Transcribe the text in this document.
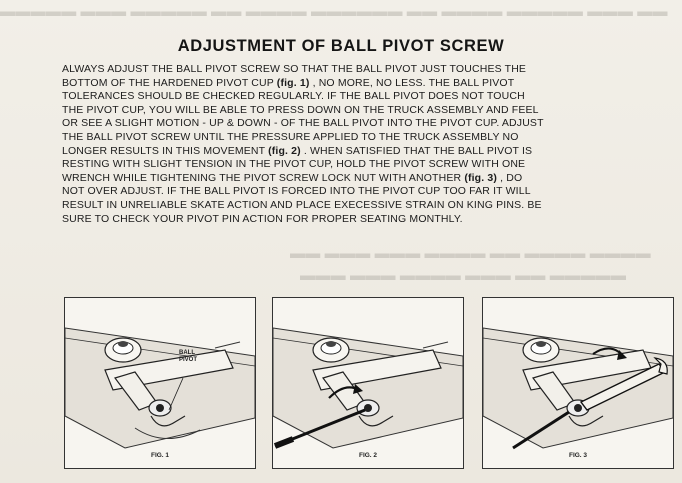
▬▬▬▬▬ ▬▬▬ ▬▬▬▬▬ ▬▬ ▬▬▬▬ ▬▬▬▬▬▬ ▬▬ ▬▬▬▬ ▬▬▬▬▬ ▬▬▬ ▬▬
▬▬ ▬▬▬ ▬▬▬ ▬▬▬▬ ▬▬ ▬▬▬▬ ▬▬▬▬
▬▬▬ ▬▬▬ ▬▬▬▬ ▬▬▬ ▬▬ ▬▬▬▬▬
ADJUSTMENT OF BALL PIVOT SCREW
ALWAYS ADJUST THE BALL PIVOT SCREW SO THAT THE BALL PIVOT JUST TOUCHES THE
BOTTOM OF THE HARDENED PIVOT CUP (fig. 1) , NO MORE, NO LESS. THE BALL PIVOT
TOLERANCES SHOULD BE CHECKED REGULARLY. IF THE BALL PIVOT DOES NOT TOUCH
THE PIVOT CUP, YOU WILL BE ABLE TO PRESS DOWN ON THE TRUCK ASSEMBLY AND FEEL
OR SEE A SLIGHT MOTION - UP & DOWN - OF THE BALL PIVOT INTO THE PIVOT CUP. ADJUST
THE BALL PIVOT SCREW UNTIL THE PRESSURE APPLIED TO THE TRUCK ASSEMBLY NO
LONGER RESULTS IN THIS MOVEMENT (fig. 2) . WHEN SATISFIED THAT THE BALL PIVOT IS
RESTING WITH SLIGHT TENSION IN THE PIVOT CUP, HOLD THE PIVOT SCREW WITH ONE
WRENCH WHILE TIGHTENING THE PIVOT SCREW LOCK NUT WITH ANOTHER (fig. 3) , DO
NOT OVER ADJUST. IF THE BALL PIVOT IS FORCED INTO THE PIVOT CUP TOO FAR IT WILL
RESULT IN UNRELIABLE SKATE ACTION AND PLACE EXECESSIVE STRAIN ON KING PINS. BE
SURE TO CHECK YOUR PIVOT PIN ACTION FOR PROPER SEATING MONTHLY.
BALL
PIVOT
FIG. 1	FIG. 2	FIG. 3
